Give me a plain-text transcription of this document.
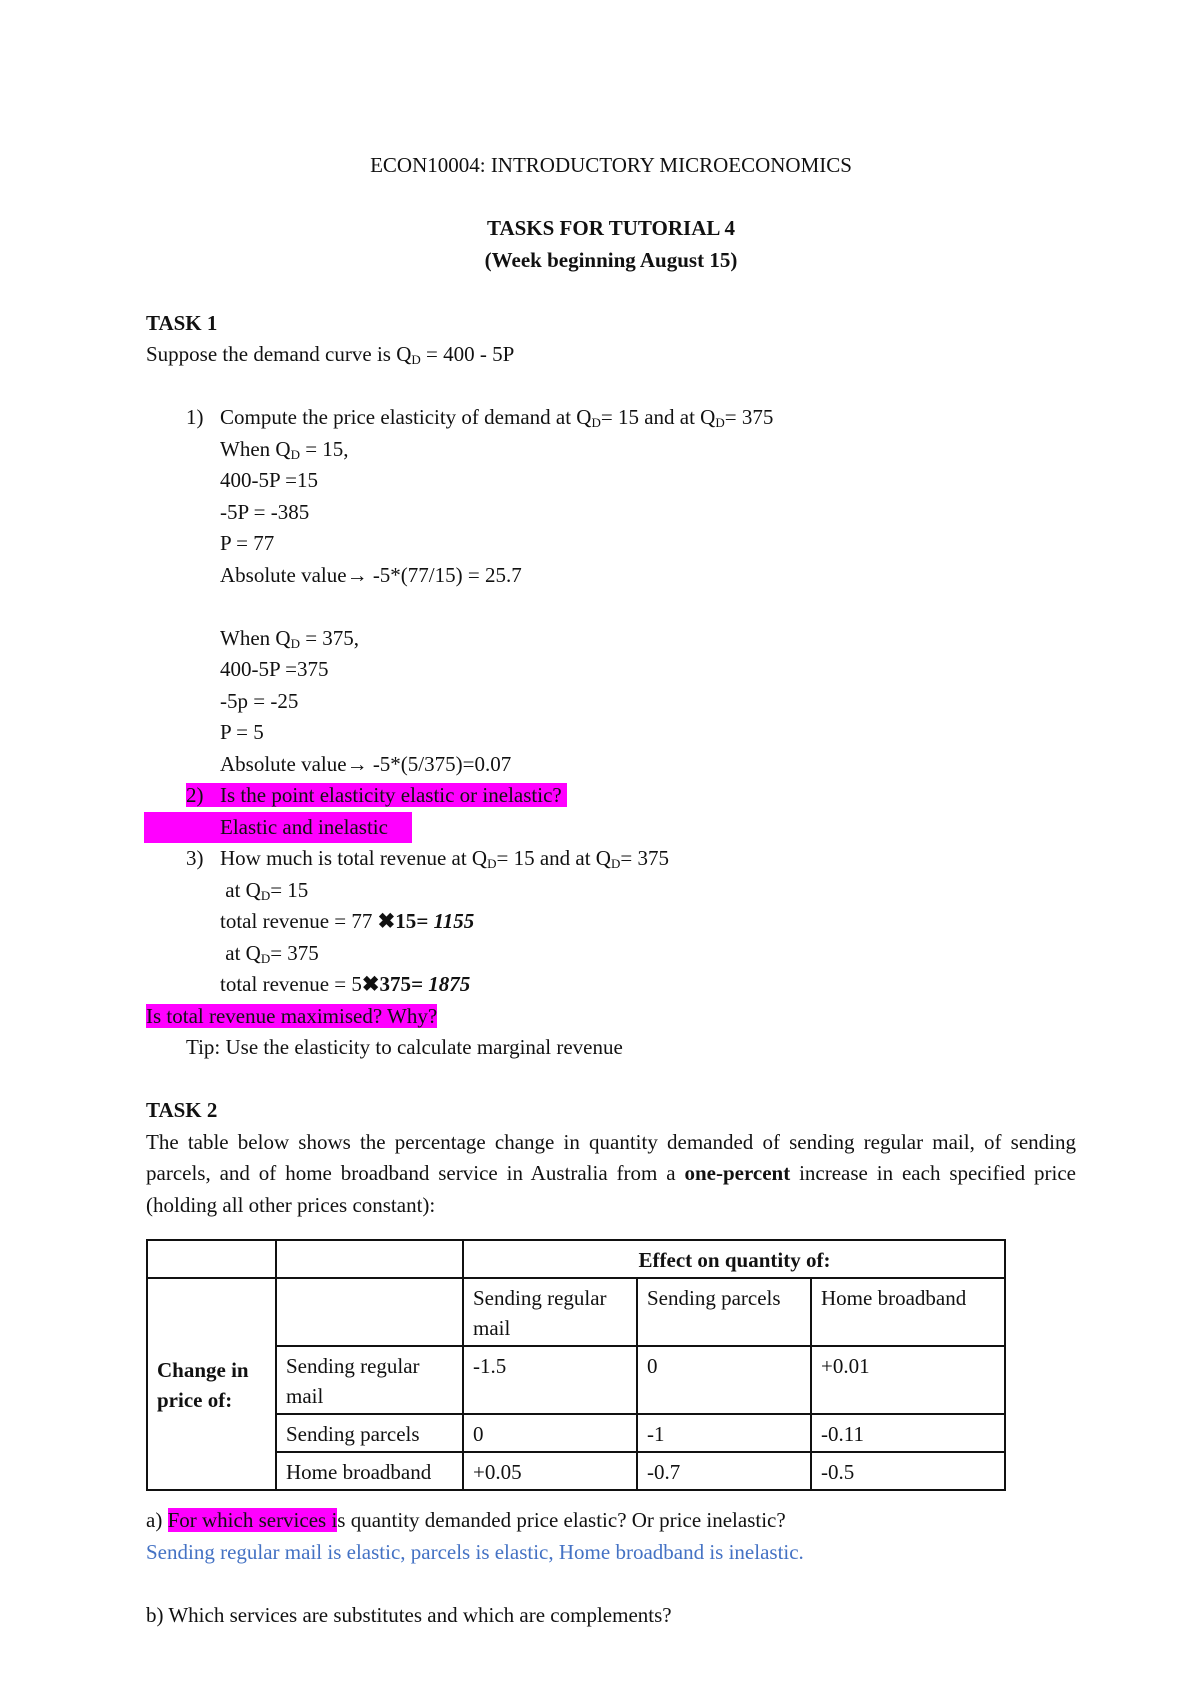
ECON10004: INTRODUCTORY MICROECONOMICS
TASKS FOR TUTORIAL 4
(Week beginning August 15)
TASK 1
Suppose the demand curve is $Q_D = 400 - 5P$
1) Compute the price elasticity of demand at $Q_D= 15$ and at $Q_D= 375$
When $Q_D = 15$,
400-5P =15
-5P = -385
P = 77
Absolute value→ -5*(77/15) = 25.7
When $Q_D = 375$,
400-5P =375
-5p = -25
P = 5
Absolute value→ -5*(5/375)=0.07
2) Is the point elasticity elastic or inelastic?
Elastic and inelastic
3) How much is total revenue at $Q_D= 15$ and at $Q_D= 375$
at $Q_D= 15$
total revenue = 77 ✖15= 1155
at $Q_D= 375$
total revenue = 5✖375= 1875
Is total revenue maximised? Why?
Tip: Use the elasticity to calculate marginal revenue
TASK 2
The table below shows the percentage change in quantity demanded of sending regular mail, of sending parcels, and of home broadband service in Australia from a one-percent increase in each specified price (holding all other prices constant):
		Effect on quantity of:		
Change in price of:		Sending regular mail	Sending parcels	Home broadband
	Sending regular mail	-1.5	0	+0.01
	Sending parcels	0	-1	-0.11
	Home broadband	+0.05	-0.7	-0.5
a) For which services is quantity demanded price elastic? Or price inelastic?
Sending regular mail is elastic, parcels is elastic, Home broadband is inelastic.
b) Which services are substitutes and which are complements?
